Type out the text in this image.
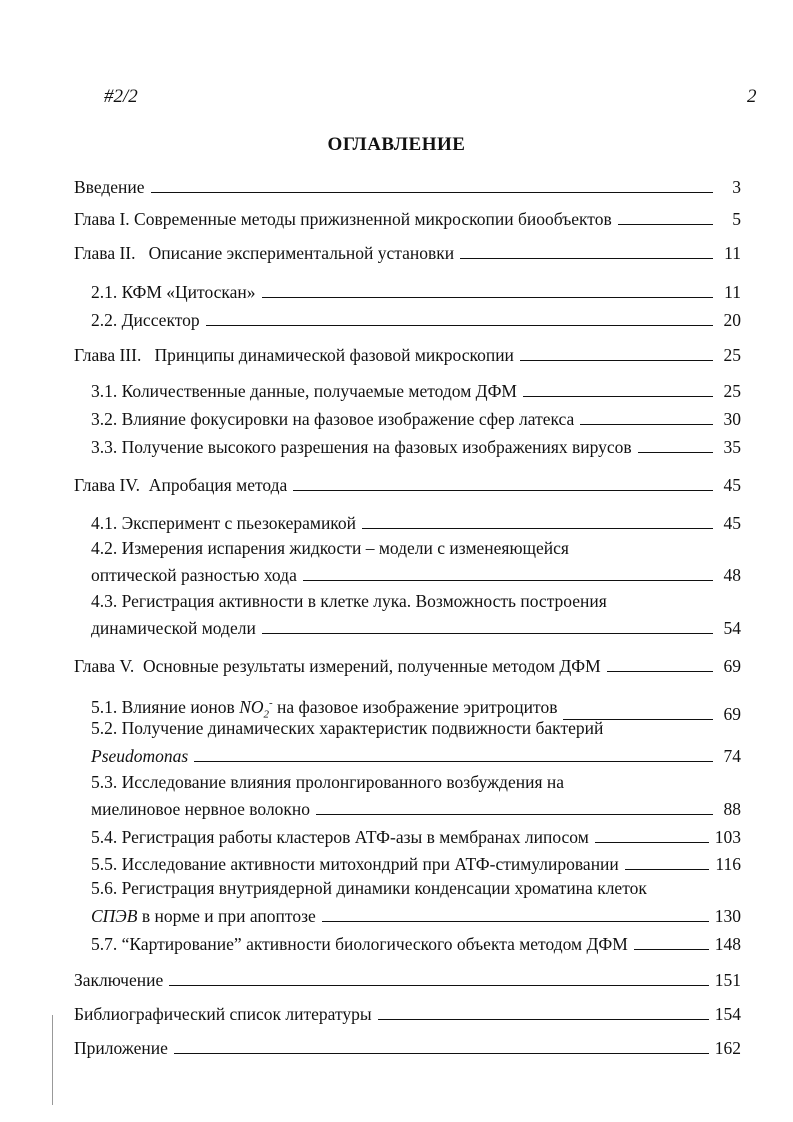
#2/2	2
ОГЛАВЛЕНИЕ
Введение	3
Глава I. Современные методы прижизненной микроскопии биообъектов	5
Глава II.   Описание экспериментальной установки	11
2.1. КФМ «Цитоскан»	11
2.2. Диссектор	20
Глава III.   Принципы динамической фазовой микроскопии	25
3.1. Количественные данные, получаемые методом ДФМ	25
3.2. Влияние фокусировки на фазовое изображение сфер латекса	30
3.3. Получение высокого разрешения на фазовых изображениях вирусов	35
Глава IV.  Апробация метода	45
4.1. Эксперимент с пьезокерамикой	45
4.2. Измерения испарения жидкости – модели с изменеяющейся
оптической разностью хода	48
4.3. Регистрация активности в клетке лука. Возможность построения
динамической модели	54
Глава V.  Основные результаты измерений, полученные методом ДФМ	69
5.1. Влияние ионов $NO_2^-$ на фазовое изображение эритроцитов	69
5.2. Получение динамических характеристик подвижности бактерий
Pseudomonas	74
5.3. Исследование влияния пролонгированного возбуждения на
миелиновое нервное волокно	88
5.4. Регистрация работы кластеров АТФ-азы в мембранах липосом	103
5.5. Исследование активности митохондрий при АТФ-стимулировании	116
5.6. Регистрация внутриядерной динамики конденсации хроматина клеток
СПЭВ в норме и при апоптозе	130
5.7. “Картирование” активности биологического объекта методом ДФМ	148
Заключение	151
Библиографический список литературы	154
Приложение	162
